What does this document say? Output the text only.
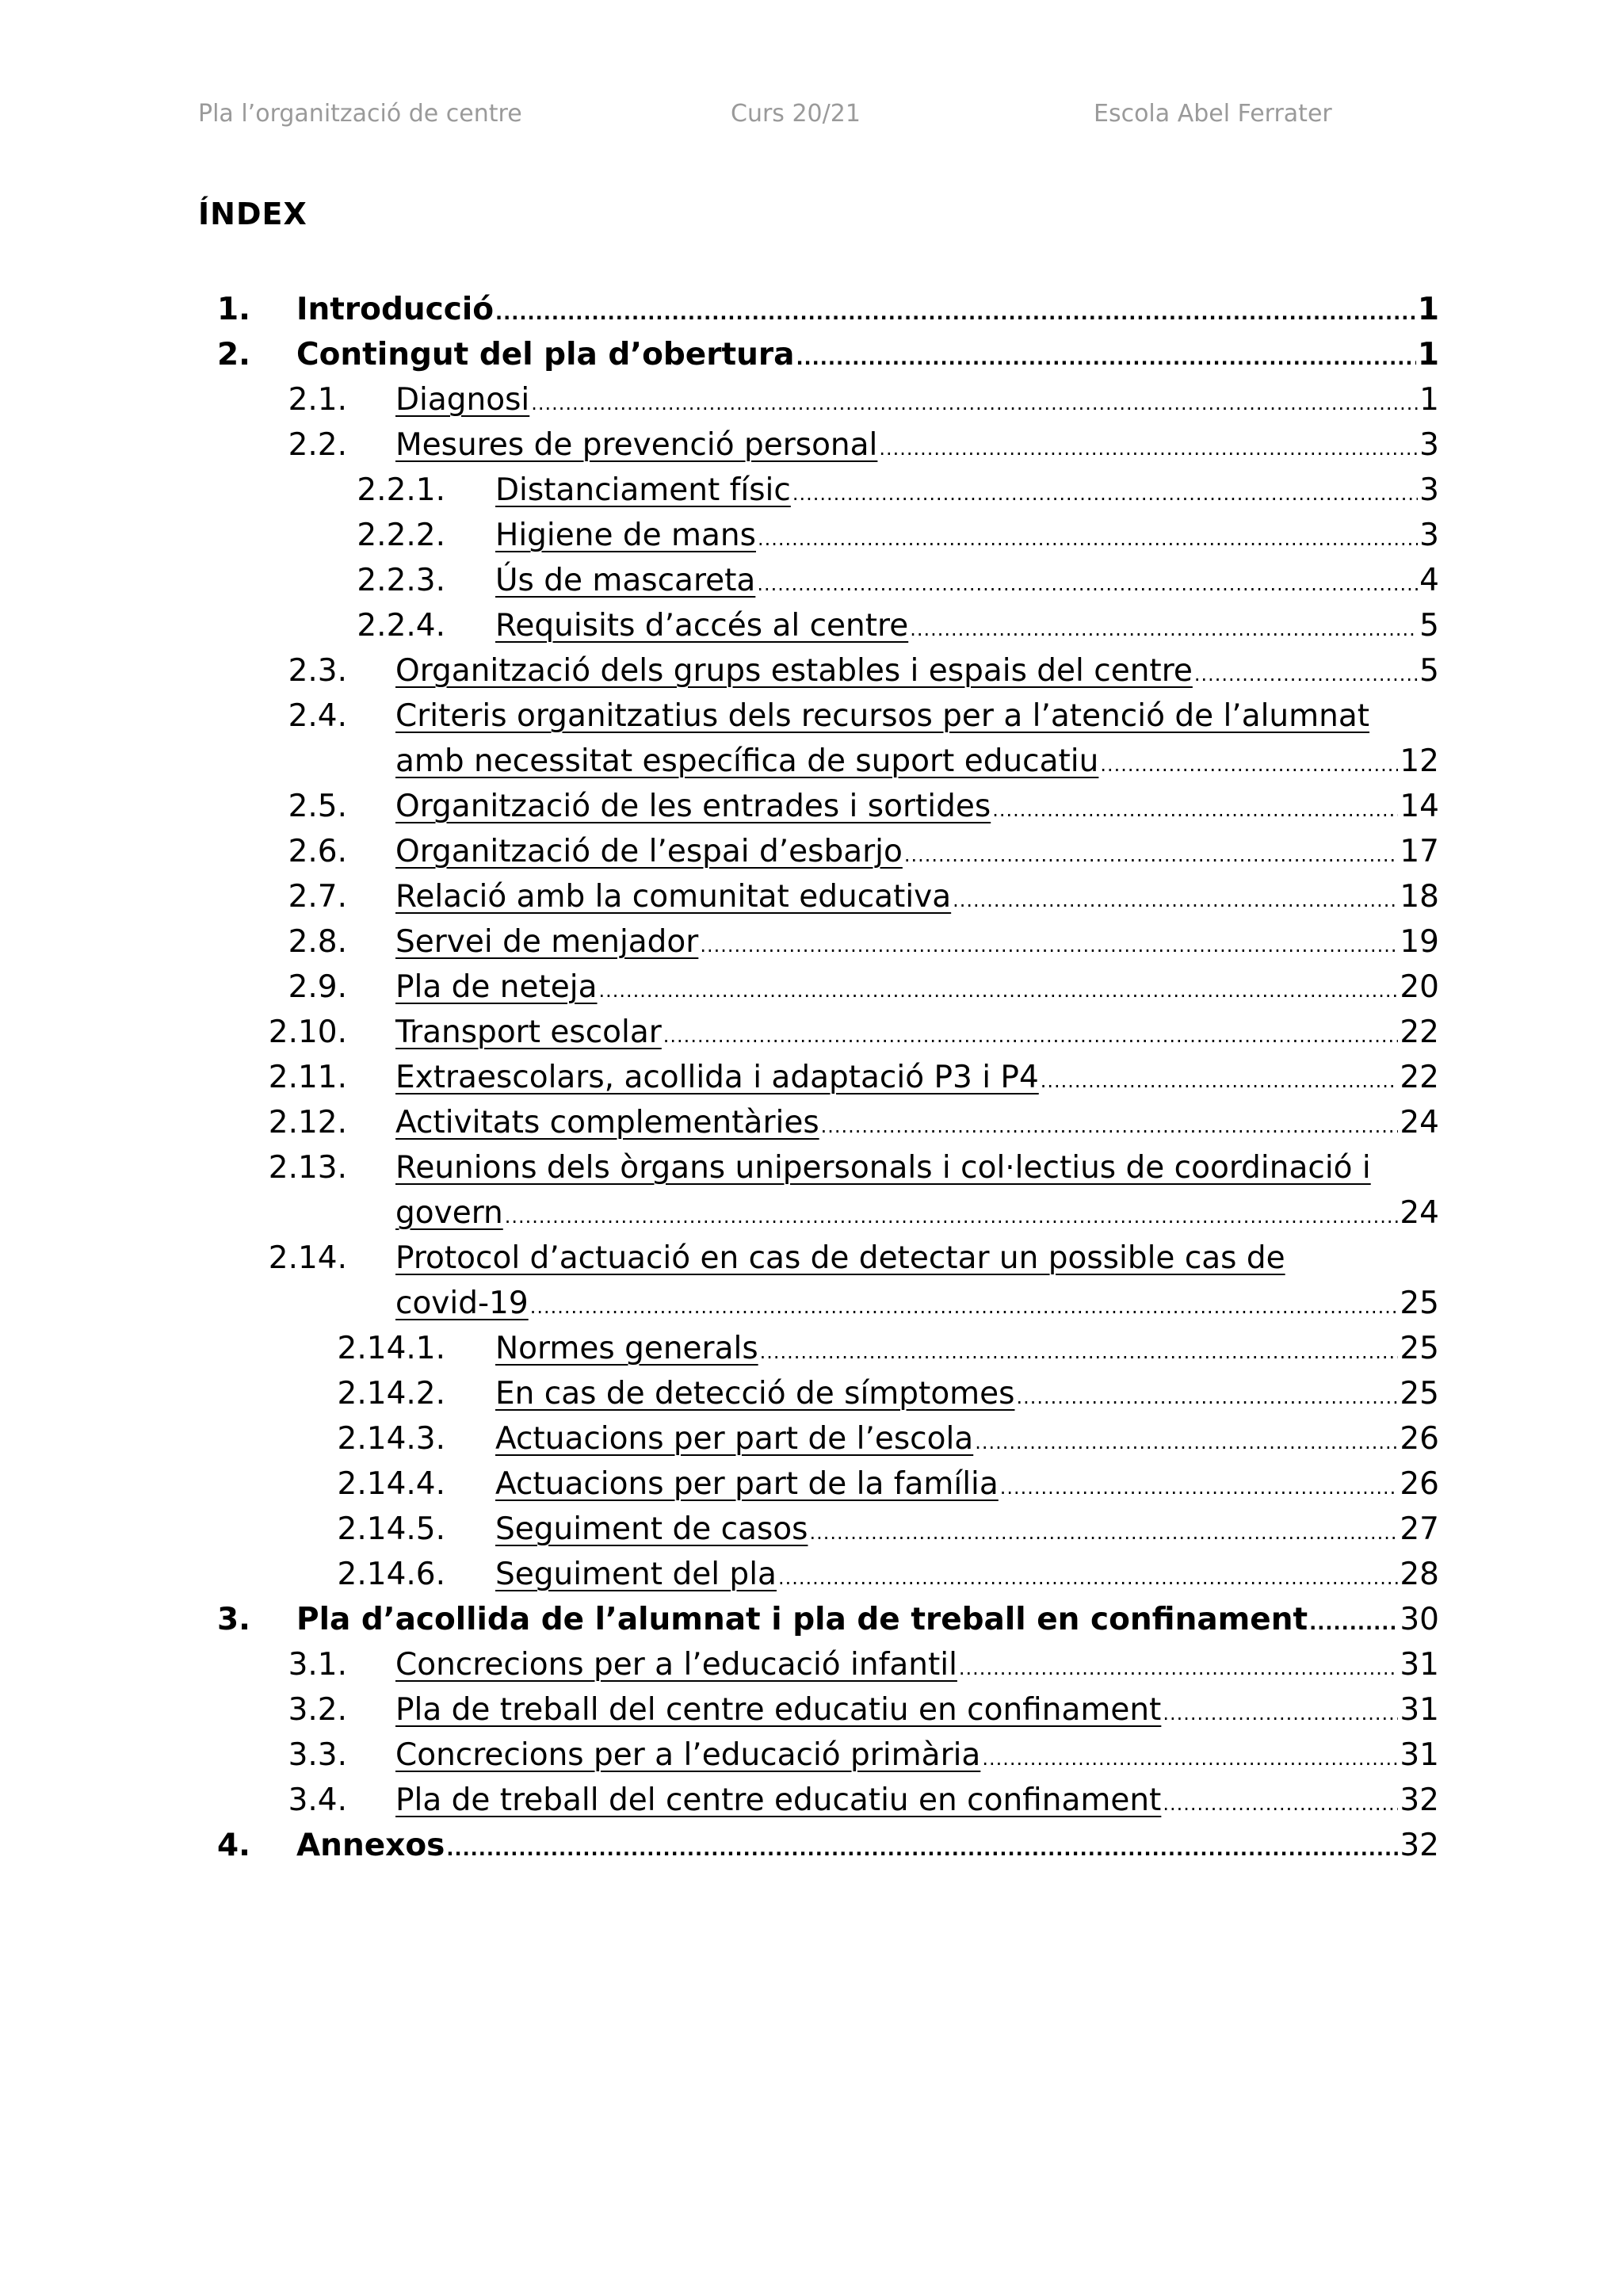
Pla l’organització de centre	Curs 20/21	Escola Abel Ferrater
ÍNDEX
1. Introducció .....	1
2. Contingut del pla d’obertura .....	1
2.1. Diagnosi .....	1
2.2. Mesures de prevenció personal .....	3
2.2.1. Distanciament físic .....	3
2.2.2. Higiene de mans .....	3
2.2.3. Ús de mascareta .....	4
2.2.4. Requisits d’accés al centre .....	5
2.3. Organització dels grups estables i espais del centre .....	5
2.4. Criteris organitzatius dels recursos per a l’atenció de l’alumnat
amb necessitat específica de suport educatiu .....	12
2.5. Organització de les entrades i sortides .....	14
2.6. Organització de l’espai d’esbarjo .....	17
2.7. Relació amb la comunitat educativa .....	18
2.8. Servei de menjador .....	19
2.9. Pla de neteja .....	20
2.10. Transport escolar .....	22
2.11. Extraescolars, acollida i adaptació P3 i P4 .....	22
2.12. Activitats complementàries .....	24
2.13. Reunions dels òrgans unipersonals i col·lectius de coordinació i
govern .....	24
2.14. Protocol d’actuació en cas de detectar un possible cas de
covid-19 .....	25
2.14.1. Normes generals .....	25
2.14.2. En cas de detecció de símptomes .....	25
2.14.3. Actuacions per part de l’escola .....	26
2.14.4. Actuacions per part de la família .....	26
2.14.5. Seguiment de casos .....	27
2.14.6. Seguiment del pla .....	28
3. Pla d’acollida de l’alumnat i pla de treball en confinament .....	30
3.1. Concrecions per a l’educació infantil .....	31
3.2. Pla de treball del centre educatiu en confinament .....	31
3.3. Concrecions per a l’educació primària .....	31
3.4. Pla de treball del centre educatiu en confinament .....	32
4. Annexos .....	32
